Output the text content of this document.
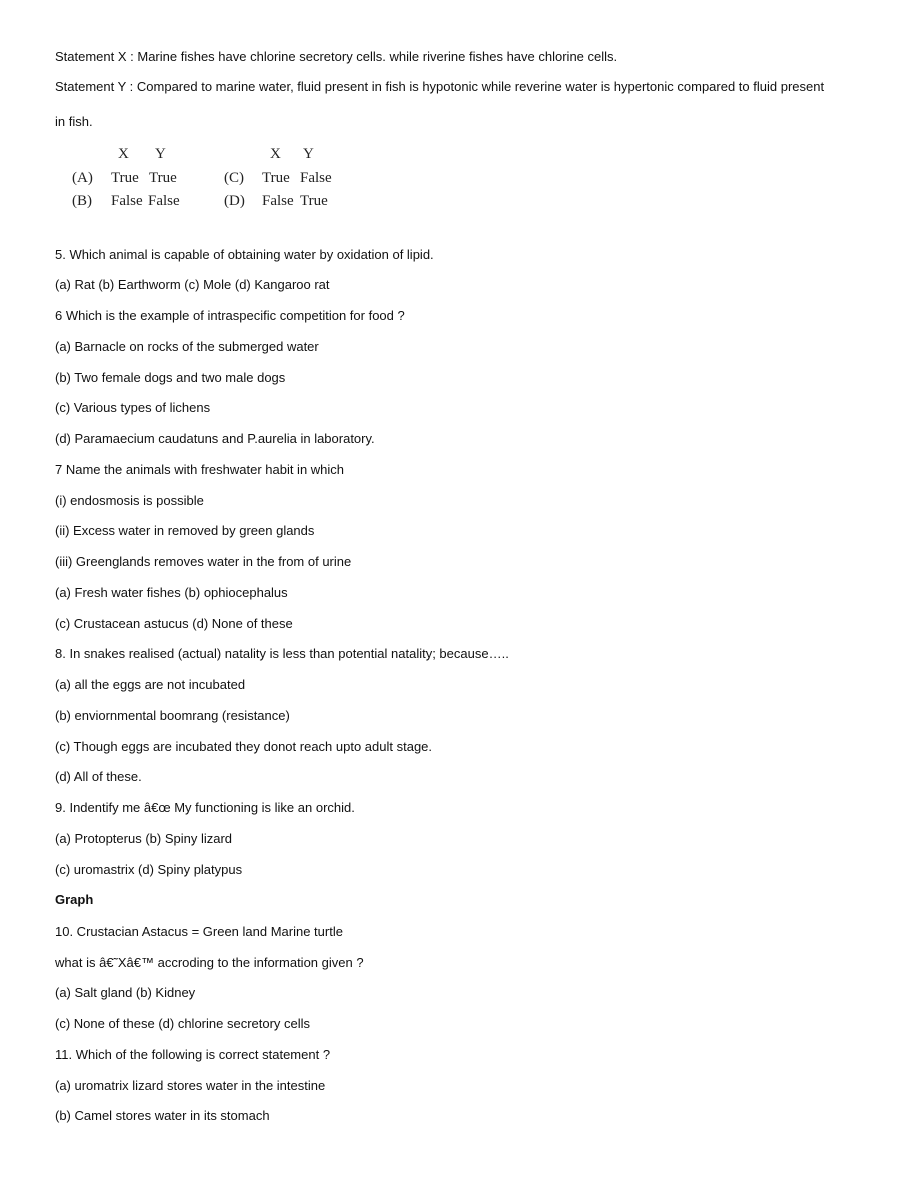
Statement X : Marine fishes have chlorine secretory cells. while riverine fishes have chlorine cells.
Statement Y : Compared to marine water, fluid present in fish is hypotonic while reverine water is hypertonic compared to fluid present
in fish.
X Y	X Y
(A) True True
(B) False False
(C) True False
(D) False True
5. Which animal is capable of obtaining water by oxidation of lipid.
(a) Rat (b) Earthworm (c) Mole (d) Kangaroo rat
6 Which is the example of intraspecific competition for food ?
(a) Barnacle on rocks of the submerged water
(b) Two female dogs and two male dogs
(c) Various types of lichens
(d) Paramaecium caudatuns and P.aurelia in laboratory.
7 Name the animals with freshwater habit in which
(i) endosmosis is possible
(ii) Excess water in removed by green glands
(iii) Greenglands removes water in the from of urine
(a) Fresh water fishes (b) ophiocephalus
(c) Crustacean astucus (d) None of these
8. In snakes realised (actual) natality is less than potential natality; because…..
(a) all the eggs are not incubated
(b) enviornmental boomrang (resistance)
(c) Though eggs are incubated they donot reach upto adult stage.
(d) All of these.
9. Indentify me â€œ My functioning is like an orchid.
(a) Protopterus (b) Spiny lizard
(c) uromastrix (d) Spiny platypus
Graph
10. Crustacian Astacus = Green land Marine turtle
what is â€˜Xâ€™ accroding to the information given ?
(a) Salt gland (b) Kidney
(c) None of these (d) chlorine secretory cells
11. Which of the following is correct statement ?
(a) uromatrix lizard stores water in the intestine
(b) Camel stores water in its stomach
